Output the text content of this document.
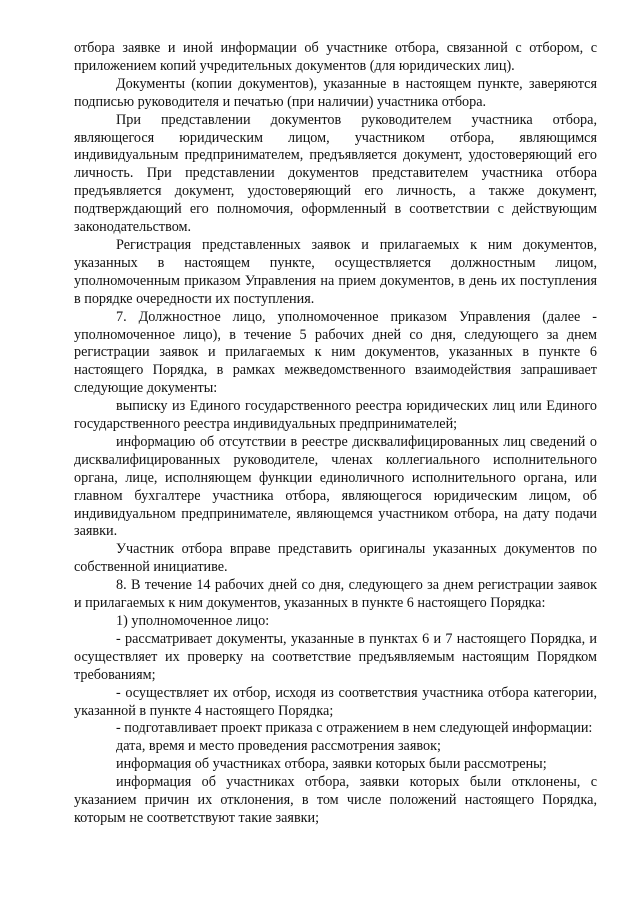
отбора заявке и иной информации об участнике отбора, связанной с отбором, с приложением копий учредительных документов (для юридических лиц).

Документы (копии документов), указанные в настоящем пункте, заверяются подписью руководителя и печатью (при наличии) участника отбора.

При представлении документов руководителем участника отбора, являющегося юридическим лицом, участником отбора, являющимся индивидуальным предпринимателем, предъявляется документ, удостоверяющий его личность. При представлении документов представителем участника отбора предъявляется документ, удостоверяющий его личность, а также документ, подтверждающий его полномочия, оформленный в соответствии с действующим законодательством.

Регистрация представленных заявок и прилагаемых к ним документов, указанных в настоящем пункте, осуществляется должностным лицом, уполномоченным приказом Управления на прием документов, в день их поступления в порядке очередности их поступления.

7. Должностное лицо, уполномоченное приказом Управления (далее - уполномоченное лицо), в течение 5 рабочих дней со дня, следующего за днем регистрации заявок и прилагаемых к ним документов, указанных в пункте 6 настоящего Порядка, в рамках межведомственного взаимодействия запрашивает следующие документы:

выписку из Единого государственного реестра юридических лиц или Единого государственного реестра индивидуальных предпринимателей;

информацию об отсутствии в реестре дисквалифицированных лиц сведений о дисквалифицированных руководителе, членах коллегиального исполнительного органа, лице, исполняющем функции единоличного исполнительного органа, или главном бухгалтере участника отбора, являющегося юридическим лицом, об индивидуальном предпринимателе, являющемся участником отбора, на дату подачи заявки.

Участник отбора вправе представить оригиналы указанных документов по собственной инициативе.

8. В течение 14 рабочих дней со дня, следующего за днем регистрации заявок и прилагаемых к ним документов, указанных в пункте 6 настоящего Порядка:

1) уполномоченное лицо:

- рассматривает документы, указанные в пунктах 6 и 7 настоящего Порядка, и осуществляет их проверку на соответствие предъявляемым настоящим Порядком требованиям;

- осуществляет их отбор, исходя из соответствия участника отбора категории, указанной в пункте 4 настоящего Порядка;

- подготавливает проект приказа с отражением в нем следующей информации:

дата, время и место проведения рассмотрения заявок;

информация об участниках отбора, заявки которых были рассмотрены;

информация об участниках отбора, заявки которых были отклонены, с указанием причин их отклонения, в том числе положений настоящего Порядка, которым не соответствуют такие заявки;
